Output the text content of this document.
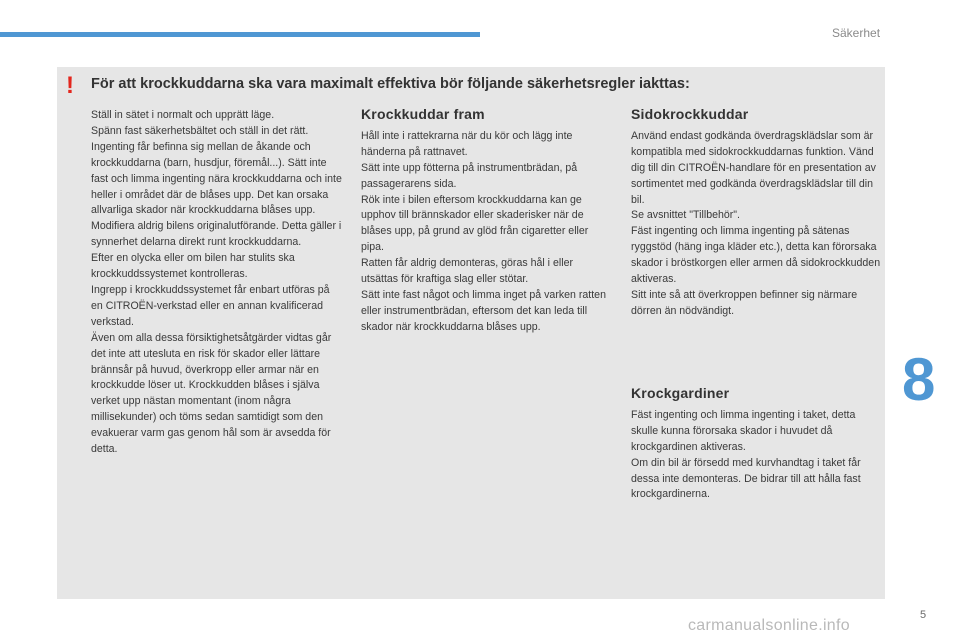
Säkerhet
8
! För att krockkuddarna ska vara maximalt effektiva bör följande säkerhetsregler iakttas:

Ställ in sätet i normalt och upprätt läge.
Spänn fast säkerhetsbältet och ställ in det rätt.
Ingenting får befinna sig mellan de åkande och krockkuddarna (barn, husdjur, föremål...). Sätt inte fast och limma ingenting nära krockkuddarna och inte heller i området där de blåses upp. Det kan orsaka allvarliga skador när krockkuddarna blåses upp.
Modifiera aldrig bilens originalutförande. Detta gäller i synnerhet delarna direkt runt krockkuddarna.
Efter en olycka eller om bilen har stulits ska krockkuddssystemet kontrolleras.
Ingrepp i krockkuddssystemet får enbart utföras på en CITROËN-verkstad eller en annan kvalificerad verkstad.
Även om alla dessa försiktighetsåtgärder vidtas går det inte att utesluta en risk för skador eller lättare brännsår på huvud, överkropp eller armar när en krockkudde löser ut. Krockkudden blåses i själva verket upp nästan momentant (inom några millisekunder) och töms sedan samtidigt som den evakuerar varm gas genom hål som är avsedda för detta.

Krockkuddar fram

Håll inte i rattekrarna när du kör och lägg inte händerna på rattnavet.
Sätt inte upp fötterna på instrumentbrädan, på passagerarens sida.
Rök inte i bilen eftersom krockkuddarna kan ge upphov till brännskador eller skaderisker när de blåses upp, på grund av glöd från cigaretter eller pipa.
Ratten får aldrig demonteras, göras hål i eller utsättas för kraftiga slag eller stötar.
Sätt inte fast något och limma inget på varken ratten eller instrumentbrädan, eftersom det kan leda till skador när krockkuddarna blåses upp.

Sidokrockkuddar

Använd endast godkända överdragsklädslar som är kompatibla med sidokrockkuddarnas funktion. Vänd dig till din CITROËN-handlare för en presentation av sortimentet med godkända överdragsklädslar till din bil.
Se avsnittet "Tillbehör".
Fäst ingenting och limma ingenting på sätenas ryggstöd (häng inga kläder etc.), detta kan förorsaka skador i bröstkorgen eller armen då sidokrockkudden aktiveras.
Sitt inte så att överkroppen befinner sig närmare dörren än nödvändigt.

Krockgardiner

Fäst ingenting och limma ingenting i taket, detta skulle kunna förorsaka skador i huvudet då krockgardinen aktiveras.
Om din bil är försedd med kurvhandtag i taket får dessa inte demonteras. De bidrar till att hålla fast krockgardinerna.

5
carmanualsonline.info
